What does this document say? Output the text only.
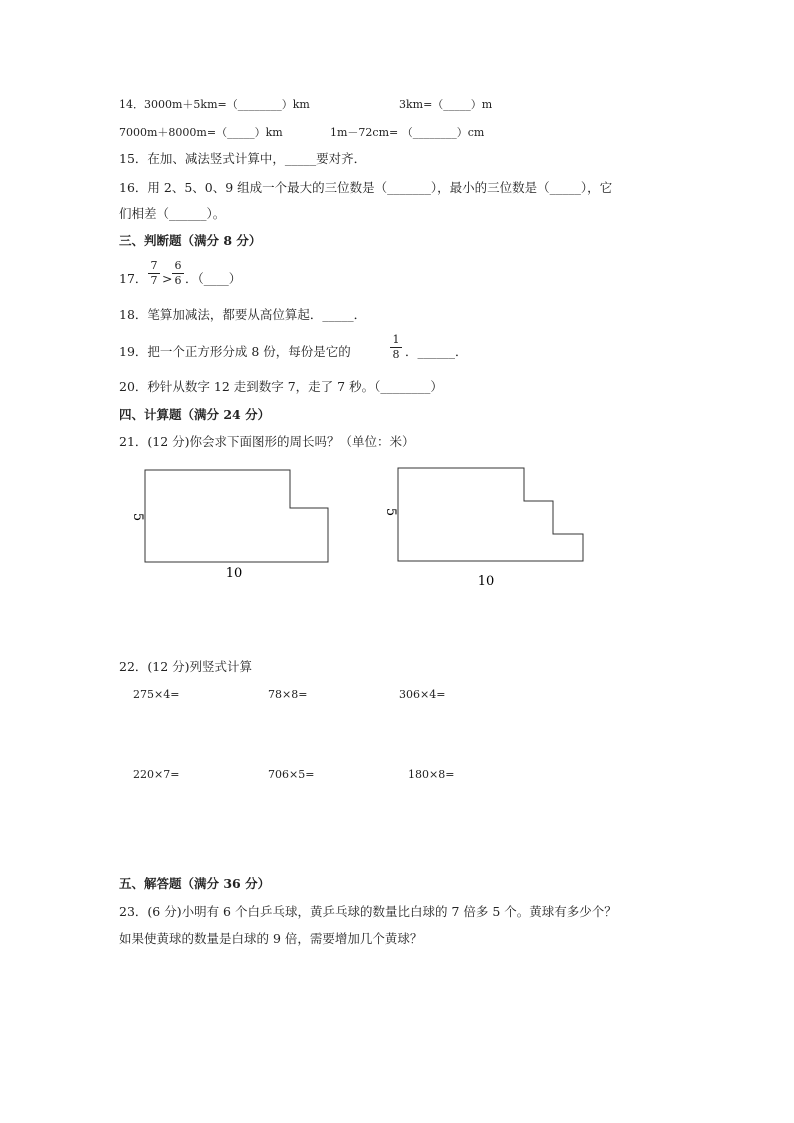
14．3000m＋5km=（________）km	3km=（_____）m
7000m＋8000m=（_____）km	1m－72cm= （________）cm
15．在加、减法竖式计算中，_____要对齐．
16．用 2、5、0、9 组成一个最大的三位数是（_______），最小的三位数是（_____），它
们相差（______）。
三、判断题（满分 8 分）
17．
7
7 >
6
6 ．（____）
18．笔算加减法，都要从高位算起．_____．
19．把一个正方形分成 8 份，每份是它的
1
8 ．______．
20．秒针从数字 12 走到数字 7，走了 7 秒。（________）
四、计算题（满分 24 分）
21．(12 分)你会求下面图形的周长吗？（单位：米）
5
10
5
10
22．(12 分)列竖式计算
275×4=	78×8=	306×4=
220×7=	706×5=	180×8=
五、解答题（满分 36 分）
23．(6 分)小明有 6 个白乒乓球，黄乒乓球的数量比白球的 7 倍多 5 个。黄球有多少个？
如果使黄球的数量是白球的 9 倍，需要增加几个黄球？
